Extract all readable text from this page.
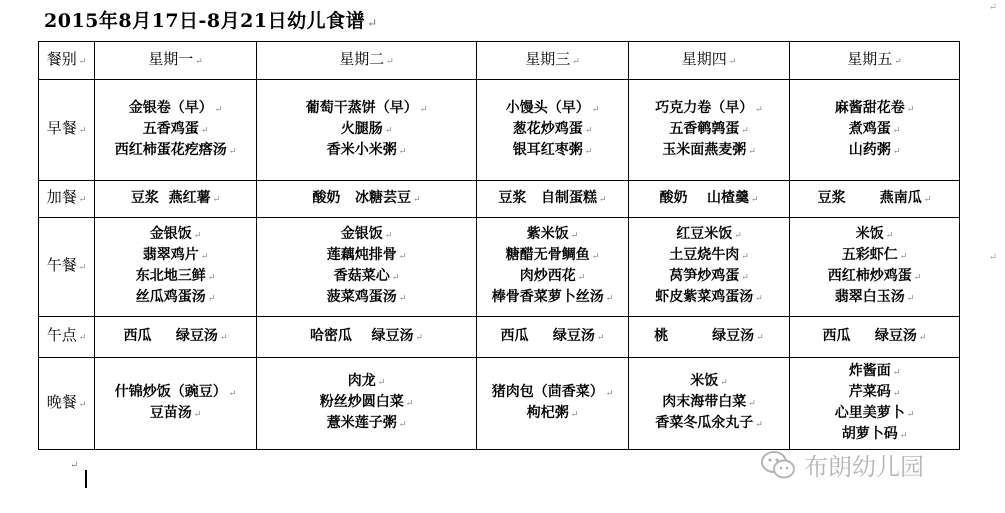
2015年8月17日-8月21日幼儿食谱 ↵
↵
↵
餐别 ↵	星期一 ↵	星期二 ↵	星期三 ↵	星期四 ↵	星期五 ↵

早餐 ↵	金银卷（早） ↵
五香鸡蛋 ↵
西红柿蛋花疙瘩汤 ↵	葡萄干蒸饼（早） ↵
火腿肠 ↵
香米小米粥 ↵	小馒头（早） ↵
葱花炒鸡蛋 ↵
银耳红枣粥 ↵	巧克力卷（早） ↵
五香鹌鹑蛋 ↵
玉米面燕麦粥 ↵	麻酱甜花卷 ↵
煮鸡蛋 ↵
山药粥 ↵

加餐 ↵	豆浆  燕红薯 ↵	酸奶   冰糖芸豆 ↵	豆浆   自制蛋糕 ↵	酸奶    山楂羹 ↵	豆浆       燕南瓜 ↵

午餐 ↵	金银饭 ↵
翡翠鸡片 ↵
东北地三鲜 ↵
丝瓜鸡蛋汤 ↵	金银饭 ↵
莲藕炖排骨 ↵
香菇菜心 ↵
菠菜鸡蛋汤 ↵	紫米饭 ↵
糖醋无骨鲷鱼 ↵
肉炒西花 ↵
棒骨香菜萝卜丝汤 ↵	红豆米饭 ↵
土豆烧牛肉 ↵
莴笋炒鸡蛋 ↵
虾皮紫菜鸡蛋汤 ↵	米饭 ↵
五彩虾仁 ↵
西红柿炒鸡蛋 ↵
翡翠白玉汤 ↵

午点 ↵	西瓜     绿豆汤 ↵	哈密瓜    绿豆汤 ↵	西瓜     绿豆汤 ↵	桃         绿豆汤 ↵	西瓜     绿豆汤 ↵

晚餐 ↵	什锦炒饭（豌豆） ↵
豆苗汤 ↵	肉龙 ↵
粉丝炒圆白菜 ↵
薏米莲子粥 ↵	猪肉包（茴香菜） ↵
枸杞粥 ↵	米饭 ↵
肉末海带白菜 ↵
香菜冬瓜氽丸子 ↵	炸酱面 ↵
芹菜码 ↵
心里美萝卜 ↵
胡萝卜码 ↵
↵	布朗幼儿园
